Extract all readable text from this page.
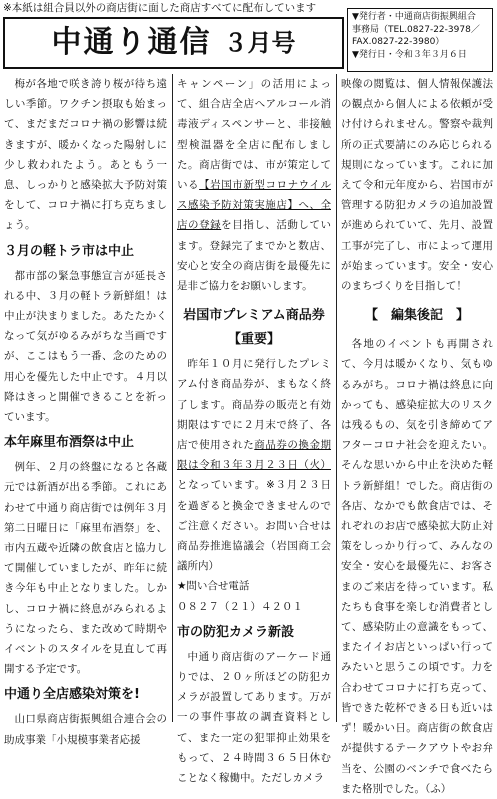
※本紙は組合員以外の商店街に面した商店すべてに配布しています
中通り通信 ３月号
▼発行者・中通商店街振興組合
事務局（TEL.0827-22-3978／
FAX.0827-22-3980）
▼発行日・令和３年３月６日

梅が各地で咲き誇り桜が待ち遠しい季節。ワクチン摂取も始まって、まだまだコロナ禍の影響は続きますが、暖かくなった陽射しに少し救われたよう。あともう一息、しっかりと感染拡大予防対策をして、コロナ禍に打ち克ちましょう。

３月の軽トラ市は中止

都市部の緊急事態宣言が延長される中、３月の軽トラ新鮮組！は中止が決まりました。あたたかくなって気がゆるみがちな当画ですが、ここはもう一番、念のための用心を優先した中止です。４月以降はきっと開催できることを祈っています。

本年麻里布酒祭は中止

例年、２月の終盤になると各蔵元では新酒が出る季節。これにあわせて中通り商店街では例年３月第二日曜日に「麻里布酒祭」を、市内五蔵や近隣の飲食店と協力して開催していましたが、昨年に続き今年も中止となりました。しかし、コロナ禍に終息がみられるようになったら、また改めて時期やイベントのスタイルを見直して再開する予定です。

中通り全店感染対策を!

山口県商店街振興組合連合会の助成事業「小規模事業者応援

キャンペーン」の活用によって、組合店全店へアルコール消毒液ディスペンサーと、非接触型検温器を全店に配布しました。商店街では、市が策定している【岩国市新型コロナウイルス感染予防対策実施店】へ、全店の登録を目指し、活動しています。登録完了までかと数店、安心と安全の商店街を最優先に是非ご協力をお願いします。

岩国市プレミアム商品券
【重要】

昨年１０月に発行したプレミアム付き商品券が、まもなく終了します。商品券の販売と有効期限はすでに２月末で終了、各店で使用された商品券の換金期限は令和３年３月２３日（火）となっています。※３月２３日を過ぎると換金できませんのでご注意ください。お問い合せは商品券推進協議会（岩国商工会議所内）

★問い合せ電話

０８２７（２１）４２０１

市の防犯カメラ新設

中通り商店街のアーケード通りでは、２０ヶ所ほどの防犯カメラが設置してあります。万が一の事件事故の調査資料として、また一定の犯罪抑止効果をもって、２４時間３６５日休むことなく稼働中。ただしカメラ

映像の閲覧は、個人情報保護法の観点から個人による依頼が受け付けられません。警察や裁判所の正式要請にのみ応じられる規則になっています。これに加えて令和元年度から、岩国市が管理する防犯カメラの追加設置が進められていて、先月、設置工事が完了し、市によって運用が始まっています。安全・安心のまちづくりを目指して！

【　編集後記　】

各地のイベントも再開されて、今月は暖かくなり、気もゆるみがち。コロナ禍は終息に向かっても、感染症拡大のリスクは残るもの、気を引き締めてアフターコロナ社会を迎えたい。そんな思いから中止を決めた軽トラ新鮮組！でした。商店街の各店、なかでも飲食店では、それぞれのお店で感染拡大防止対策をしっかり行って、みんなの安全・安心を最優先に、お客さまのご来店を待っています。私たちも食事を楽しむ消費者として、感染防止の意識をもって、またイイお店といっぱい行ってみたいと思うこの頃です。力を合わせてコロナに打ち克って、皆できた乾杯できる日も近いはず！暖かい日。商店街の飲食店が提供するテークアウトやお弁当を、公園のベンチで食べたらまた格別でした。（ふ）
